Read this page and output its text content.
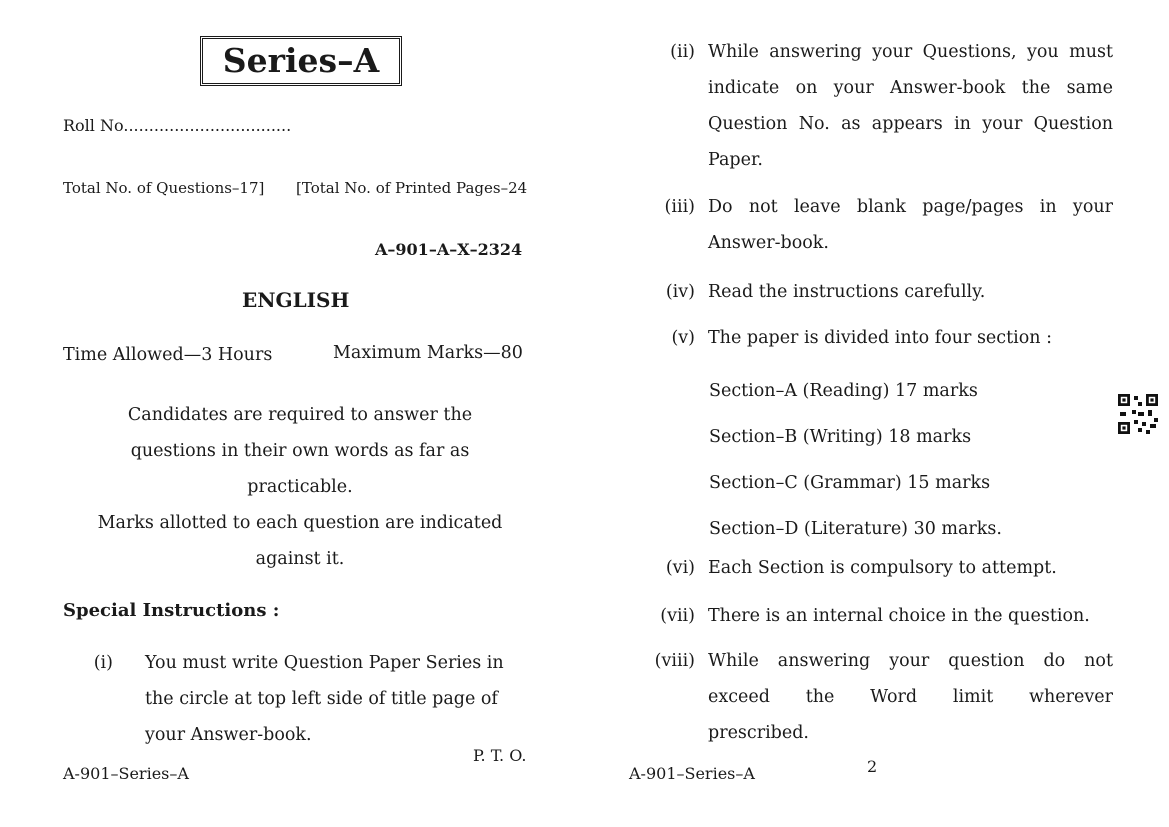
Series–A
Roll No.................................
Total No. of Questions–17] [Total No. of Printed Pages–24
A–901–A–X–2324
ENGLISH
Time Allowed—3 Hours	Maximum Marks—80
Candidates are required to answer the
questions in their own words as far as
practicable.
Marks allotted to each question are indicated
against it.
Special Instructions :
(i) You must write Question Paper Series in
the circle at top left side of title page of
your Answer-book.
P. T. O.
A-901–Series–A
(ii) While answering your Questions, you must
indicate on your Answer-book the same
Question No. as appears in your Question
Paper.
(iii) Do not leave blank page/pages in your
Answer-book.
(iv) Read the instructions carefully.
(v) The paper is divided into four section :
Section–A (Reading) 17 marks
Section–B (Writing) 18 marks
Section–C (Grammar) 15 marks
Section–D (Literature) 30 marks.
(vi) Each Section is compulsory to attempt.
(vii) There is an internal choice in the question.
(viii) While answering your question do not
exceed the Word limit wherever
prescribed.
A-901–Series–A	2
